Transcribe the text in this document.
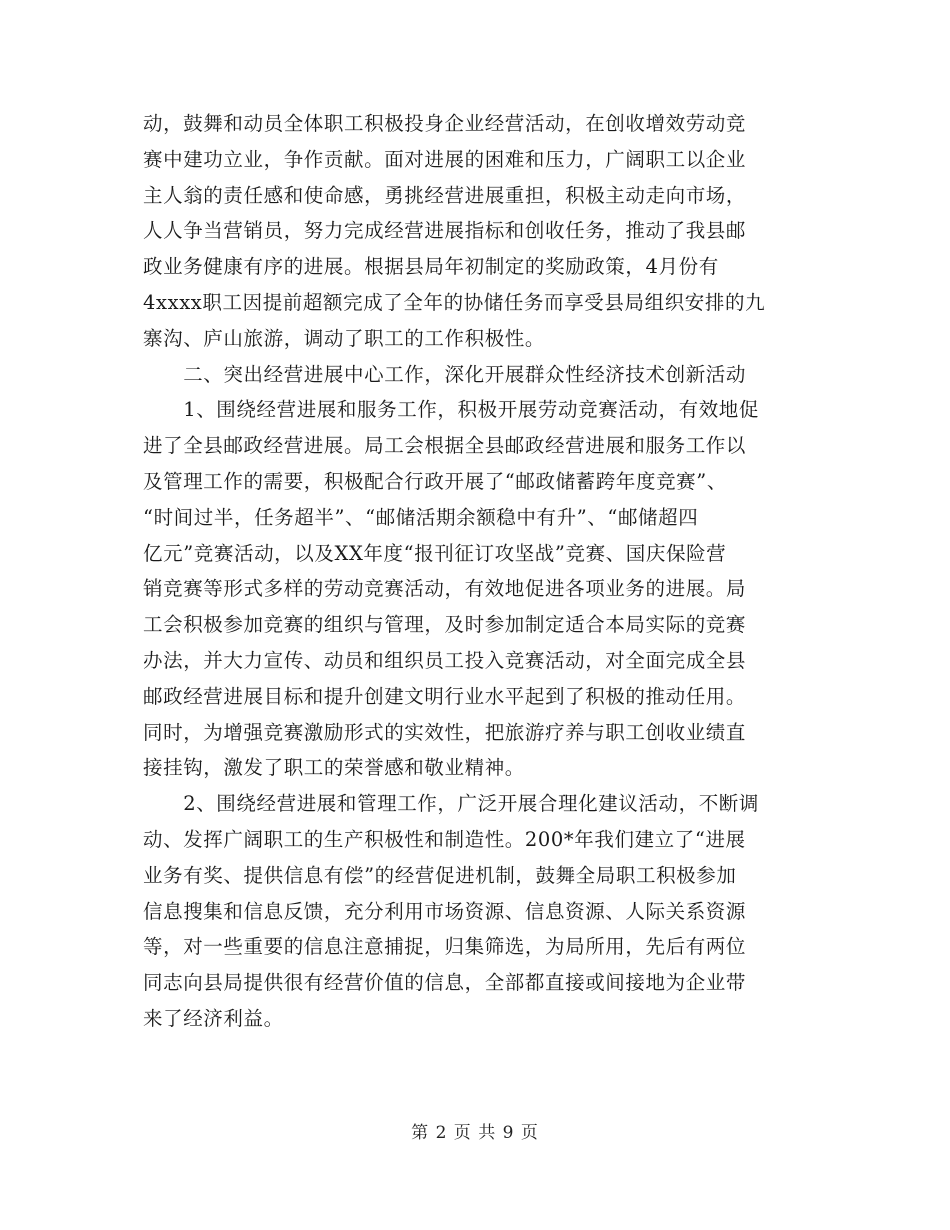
动，鼓舞和动员全体职工积极投身企业经营活动，在创收增效劳动竞
赛中建功立业，争作贡献。面对进展的困难和压力，广阔职工以企业
主人翁的责任感和使命感，勇挑经营进展重担，积极主动走向市场，
人人争当营销员，努力完成经营进展指标和创收任务，推动了我县邮
政业务健康有序的进展。根据县局年初制定的奖励政策，4月份有
4xxxx职工因提前超额完成了全年的协储任务而享受县局组织安排的九
寨沟、庐山旅游，调动了职工的工作积极性。
　　二、突出经营进展中心工作，深化开展群众性经济技术创新活动
　　1、围绕经营进展和服务工作，积极开展劳动竞赛活动，有效地促
进了全县邮政经营进展。局工会根据全县邮政经营进展和服务工作以
及管理工作的需要，积极配合行政开展了“邮政储蓄跨年度竞赛”、
“时间过半，任务超半”、“邮储活期余额稳中有升”、“邮储超四
亿元”竞赛活动，以及XX年度“报刊征订攻坚战”竞赛、国庆保险营
销竞赛等形式多样的劳动竞赛活动，有效地促进各项业务的进展。局
工会积极参加竞赛的组织与管理，及时参加制定适合本局实际的竞赛
办法，并大力宣传、动员和组织员工投入竞赛活动，对全面完成全县
邮政经营进展目标和提升创建文明行业水平起到了积极的推动任用。
同时，为增强竞赛激励形式的实效性，把旅游疗养与职工创收业绩直
接挂钩，激发了职工的荣誉感和敬业精神。
　　2、围绕经营进展和管理工作，广泛开展合理化建议活动，不断调
动、发挥广阔职工的生产积极性和制造性。200*年我们建立了“进展
业务有奖、提供信息有偿”的经营促进机制，鼓舞全局职工积极参加
信息搜集和信息反馈，充分利用市场资源、信息资源、人际关系资源
等，对一些重要的信息注意捕捉，归集筛选，为局所用，先后有两位
同志向县局提供很有经营价值的信息，全部都直接或间接地为企业带
来了经济利益。
第 2 页 共 9 页
